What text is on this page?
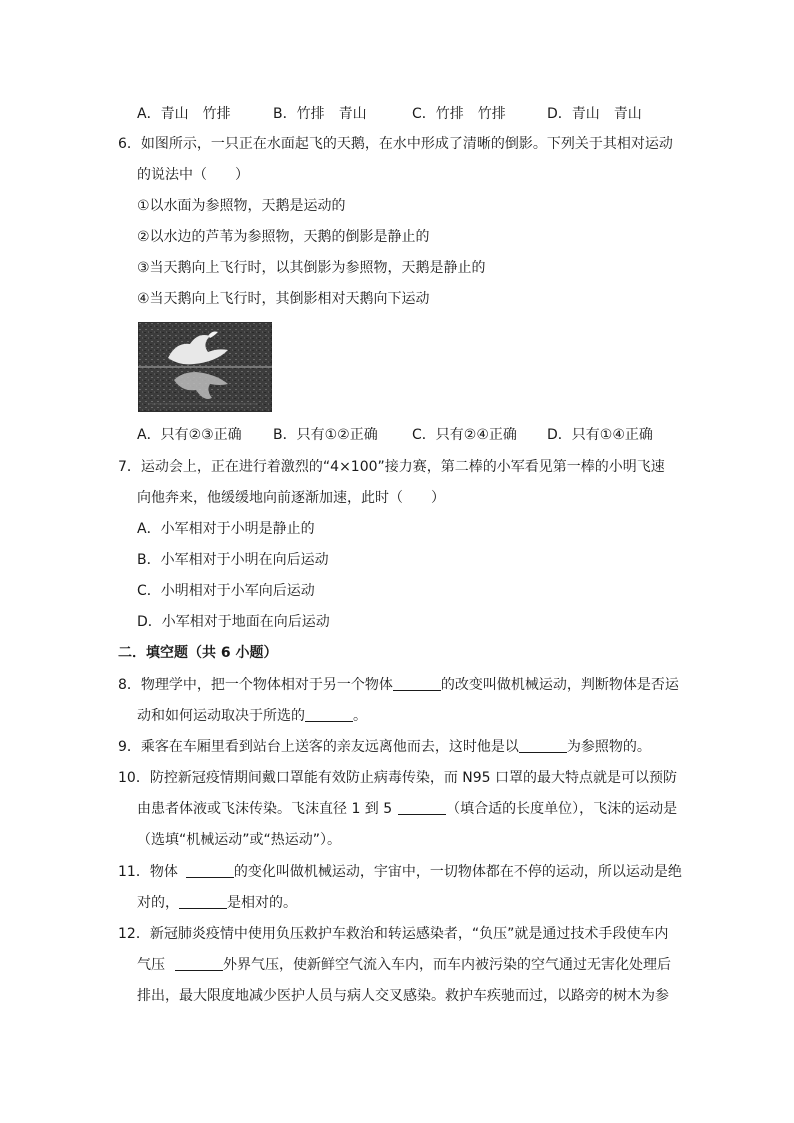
A．青山　竹排	B．竹排　青山	C．竹排　竹排	D．青山　青山
6．如图所示，一只正在水面起飞的天鹅，在水中形成了清晰的倒影。下列关于其相对运动
的说法中（　　）
①以水面为参照物，天鹅是运动的
②以水边的芦苇为参照物，天鹅的倒影是静止的
③当天鹅向上飞行时，以其倒影为参照物，天鹅是静止的
④当天鹅向上飞行时，其倒影相对天鹅向下运动
A．只有②③正确 B．只有①②正确 C．只有②④正确 D．只有①④正确
7．运动会上，正在进行着激烈的“4×100”接力赛，第二棒的小军看见第一棒的小明飞速
向他奔来，他缓缓地向前逐渐加速，此时（　　）
A．小军相对于小明是静止的
B．小军相对于小明在向后运动
C．小明相对于小军向后运动
D．小军相对于地面在向后运动
二．填空题（共 6 小题）
8．物理学中，把一个物体相对于另一个物体	的改变叫做机械运动，判断物体是否运
动和如何运动取决于所选的	。
9．乘客在车厢里看到站台上送客的亲友远离他而去，这时他是以	为参照物的。
10．防控新冠疫情期间戴口罩能有效防止病毒传染，而 N95 口罩的最大特点就是可以预防
由患者体液或飞沫传染。飞沫直径 1 到 5	（填合适的长度单位），飞沫的运动是
（选填“机械运动”或“热运动”）。
11．物体	的变化叫做机械运动，宇宙中，一切物体都在不停的运动，所以运动是绝
对的，	是相对的。
12．新冠肺炎疫情中使用负压救护车救治和转运感染者，“负压”就是通过技术手段使车内
气压	外界气压，使新鲜空气流入车内，而车内被污染的空气通过无害化处理后
排出，最大限度地减少医护人员与病人交叉感染。救护车疾驰而过，以路旁的树木为参
